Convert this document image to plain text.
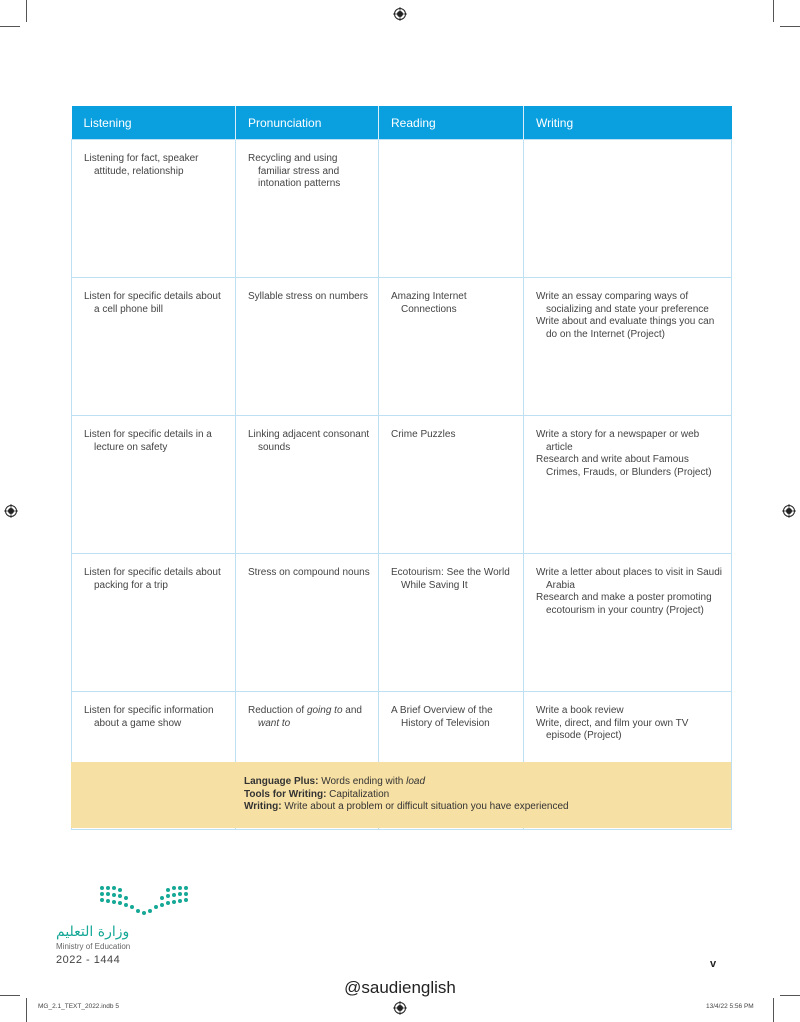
Listening	Pronunciation	Reading	Writing

Listening for fact, speaker attitude, relationship	Recycling and using familiar stress and intonation patterns		

Listen for specific details about a cell phone bill	Syllable stress on numbers	Amazing Internet Connections	Write an essay comparing ways of socializing and state your preference
Write about and evaluate things you can do on the Internet (Project)

Listen for specific details in a lecture on safety	Linking adjacent consonant sounds	Crime Puzzles	Write a story for a newspaper or web article
Research and write about Famous Crimes, Frauds, or Blunders (Project)

Listen for specific details about packing for a trip	Stress on compound nouns	Ecotourism: See the World While Saving It	Write a letter about places to visit in Saudi Arabia
Research and make a poster promoting ecotourism in your country (Project)

Listen for specific information about a game show	Reduction of going to and want to	A Brief Overview of the History of Television	Write a book review
Write, direct, and film your own TV episode (Project)
Language Plus: Words ending with load
Tools for Writing: Capitalization
Writing: Write about a problem or difficult situation you have experienced
وزارة التعليم
Ministry of Education
2022 - 1444	v
@saudienglish
MG_2.1_TEXT_2022.indb 5	13/4/22 5:56 PM
